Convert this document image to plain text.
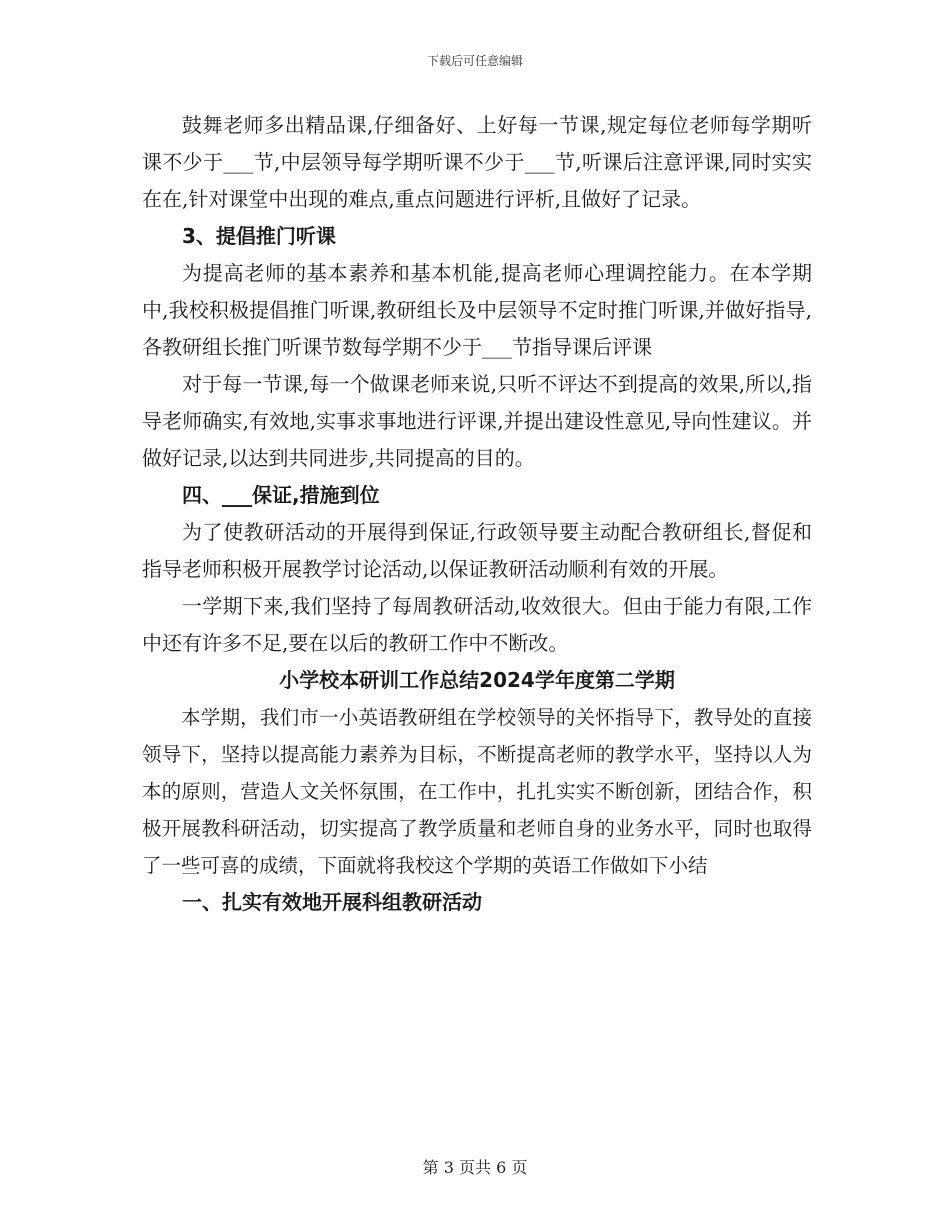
下载后可任意编辑

鼓舞老师多出精品课,仔细备好、上好每一节课,规定每位老师每学期听课不少于___节,中层领导每学期听课不少于___节,听课后注意评课,同时实实在在,针对课堂中出现的难点,重点问题进行评析,且做好了记录。

3、提倡推门听课

为提高老师的基本素养和基本机能,提高老师心理调控能力。在本学期中,我校积极提倡推门听课,教研组长及中层领导不定时推门听课,并做好指导,各教研组长推门听课节数每学期不少于___节指导课后评课

对于每一节课,每一个做课老师来说,只听不评达不到提高的效果,所以,指导老师确实,有效地,实事求事地进行评课,并提出建设性意见,导向性建议。并做好记录,以达到共同进步,共同提高的目的。

四、___保证,措施到位

为了使教研活动的开展得到保证,行政领导要主动配合教研组长,督促和指导老师积极开展教学讨论活动,以保证教研活动顺利有效的开展。

一学期下来,我们坚持了每周教研活动,收效很大。但由于能力有限,工作中还有许多不足,要在以后的教研工作中不断改。

小学校本研训工作总结2024学年度第二学期

本学期，我们市一小英语教研组在学校领导的关怀指导下，教导处的直接领导下，坚持以提高能力素养为目标，不断提高老师的教学水平，坚持以人为本的原则，营造人文关怀氛围，在工作中，扎扎实实不断创新，团结合作，积极开展教科研活动，切实提高了教学质量和老师自身的业务水平，同时也取得了一些可喜的成绩，下面就将我校这个学期的英语工作做如下小结

一、扎实有效地开展科组教研活动

第 3 页共 6 页
